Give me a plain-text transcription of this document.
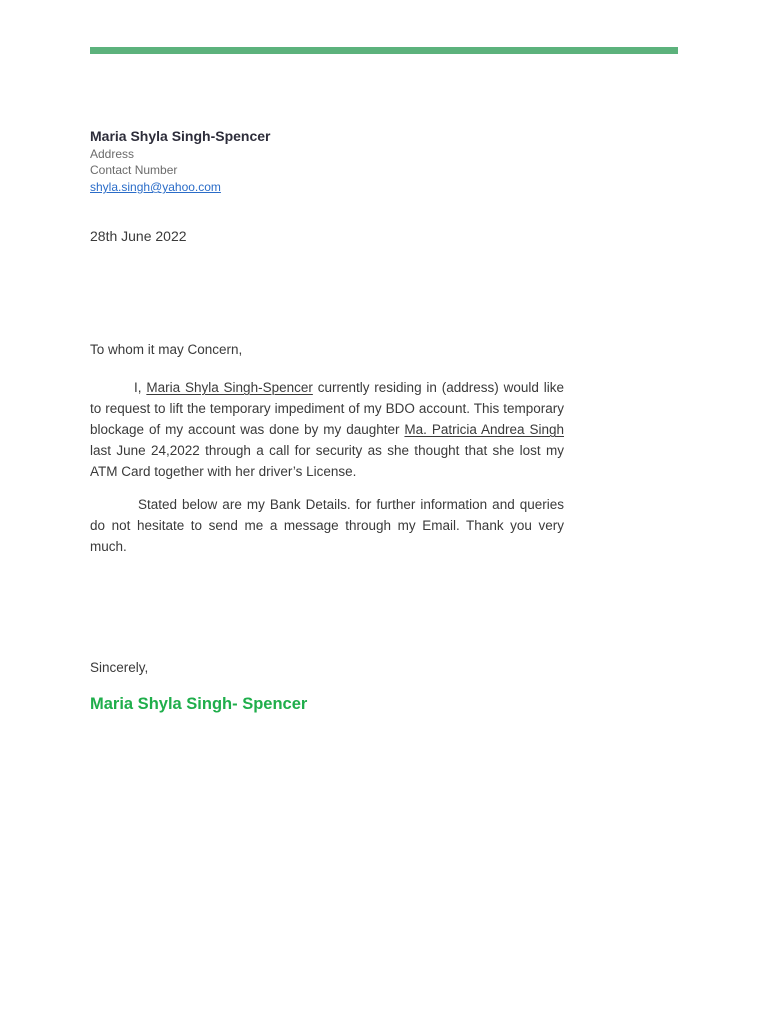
Maria Shyla Singh-Spencer
Address
Contact Number
shyla.singh@yahoo.com
28th June 2022
To whom it may Concern,

I, Maria Shyla Singh-Spencer currently residing in (address) would like to request to lift the temporary impediment of my BDO account. This temporary blockage of my account was done by my daughter Ma. Patricia Andrea Singh last June 24,2022 through a call for security as she thought that she lost my ATM Card together with her driver’s License.

Stated below are my Bank Details. for further information and queries do not hesitate to send me a message through my Email. Thank you very much.

Sincerely,
Maria Shyla Singh- Spencer
